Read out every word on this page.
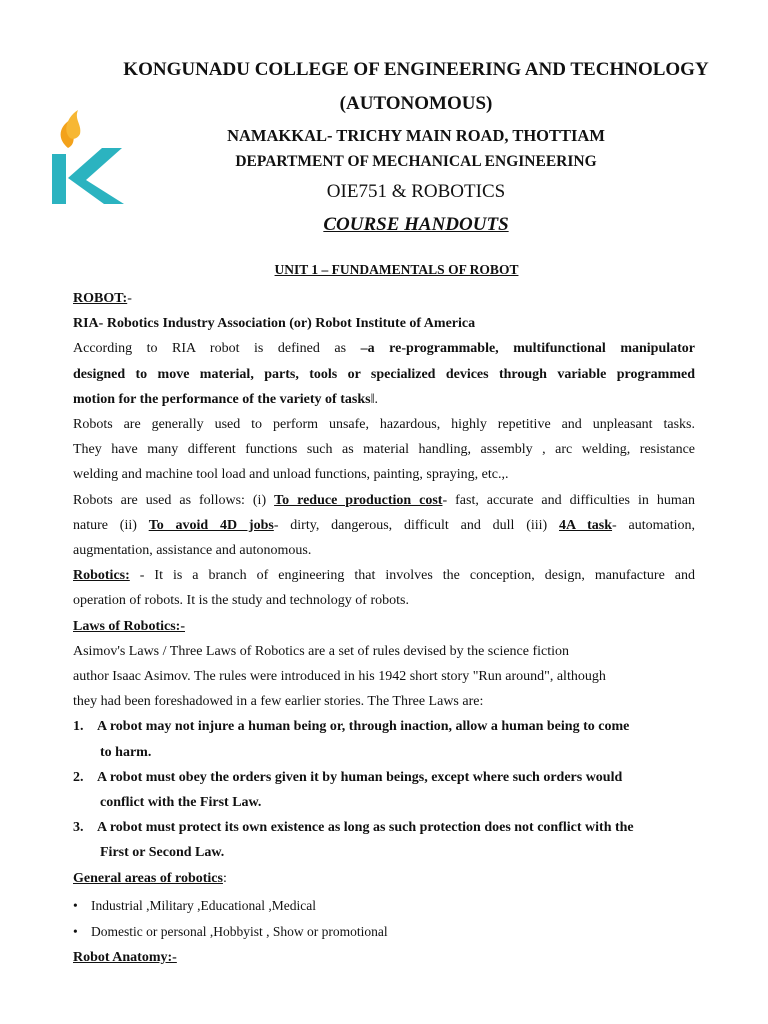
KONGUNADU COLLEGE OF ENGINEERING AND TECHNOLOGY
(AUTONOMOUS)
NAMAKKAL- TRICHY MAIN ROAD, THOTTIAM
DEPARTMENT OF MECHANICAL ENGINEERING
OIE751 & ROBOTICS
COURSE HANDOUTS
UNIT 1 – FUNDAMENTALS OF ROBOT
ROBOT:-
RIA- Robotics Industry Association (or) Robot Institute of America
According to RIA robot is defined as –a re-programmable, multifunctional manipulator
designed to move material, parts, tools or specialized devices through variable programmed
motion for the performance of the variety of tasks‖.
Robots are generally used to perform unsafe, hazardous, highly repetitive and unpleasant tasks.
They have many different functions such as material handling, assembly , arc welding, resistance
welding and machine tool load and unload functions, painting, spraying, etc.,.
Robots are used as follows: (i) To reduce production cost- fast, accurate and difficulties in human
nature (ii) To avoid 4D jobs- dirty, dangerous, difficult and dull (iii) 4A task- automation,
augmentation, assistance and autonomous.
Robotics: - It is a branch of engineering that involves the conception, design, manufacture and
operation of robots. It is the study and technology of robots.
Laws of Robotics:-
Asimov's Laws / Three Laws of Robotics are a set of rules devised by the science fiction
author Isaac Asimov. The rules were introduced in his 1942 short story "Run around", although
they had been foreshadowed in a few earlier stories. The Three Laws are:
1. A robot may not injure a human being or, through inaction, allow a human being to come
to harm.
2. A robot must obey the orders given it by human beings, except where such orders would
conflict with the First Law.
3. A robot must protect its own existence as long as such protection does not conflict with the
First or Second Law.
General areas of robotics:
• Industrial ,Military ,Educational ,Medical
• Domestic or personal ,Hobbyist , Show or promotional
Robot Anatomy:-
